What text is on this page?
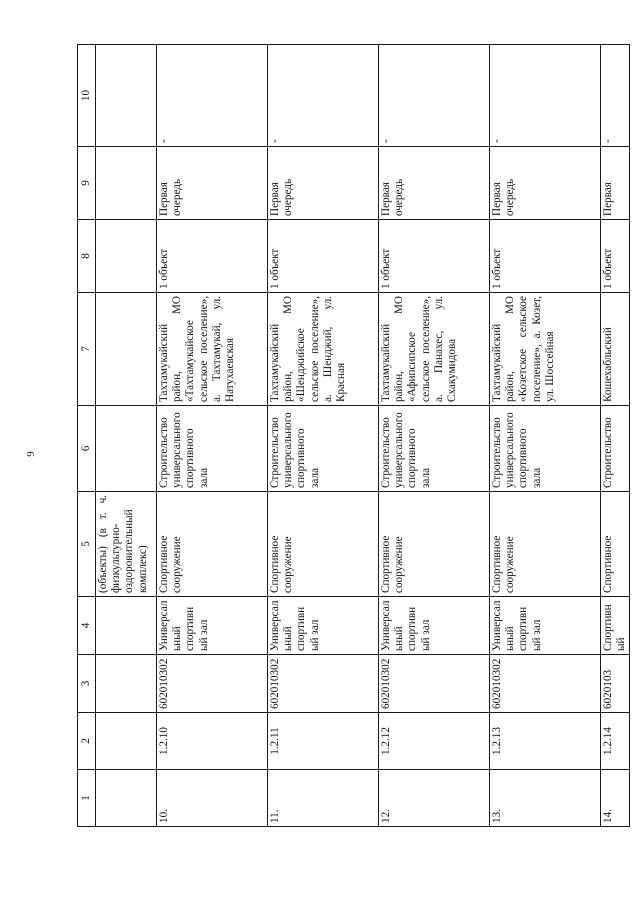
9
1	2	3	4	5	6	7	8	9	10
				(объекты) (в т. ч. физкультурно-оздоровительный комплекс)					
10.	1.2.10	602010302	Универсальный спортивный зал	Спортивное сооружение	Строительство универсального спортивного зала	Тахтамукайский район, МО «Тахтамукайское сельское поселение», а. Тахтамукай, ул. Натухаевская	1 объект	Первая очередь	-
11.	1.2.11	602010302	Универсальный спортивный зал	Спортивное сооружение	Строительство универсального спортивного зала	Тахтамукайский район, МО «Шенджийское сельское поселение», а. Шенджий, ул. Красная	1 объект	Первая очередь	-
12.	1.2.12	602010302	Универсальный спортивный зал	Спортивное сооружение	Строительство универсального спортивного зала	Тахтамукайский район, МО «Афипсипское сельское поселение», а. Панахес, ул. Схакумидова	1 объект	Первая очередь	-
13.	1.2.13	602010302	Универсальный спортивный зал	Спортивное сооружение	Строительство универсального спортивного зала	Тахтамукайский район, МО «Козетское сельское поселение», а. Козет, ул. Шоссейная	1 объект	Первая очередь	-
14.	1.2.14	6020103	Спортивный	Спортивное	Строительство	Кошехабльский	1 объект	Первая	-
